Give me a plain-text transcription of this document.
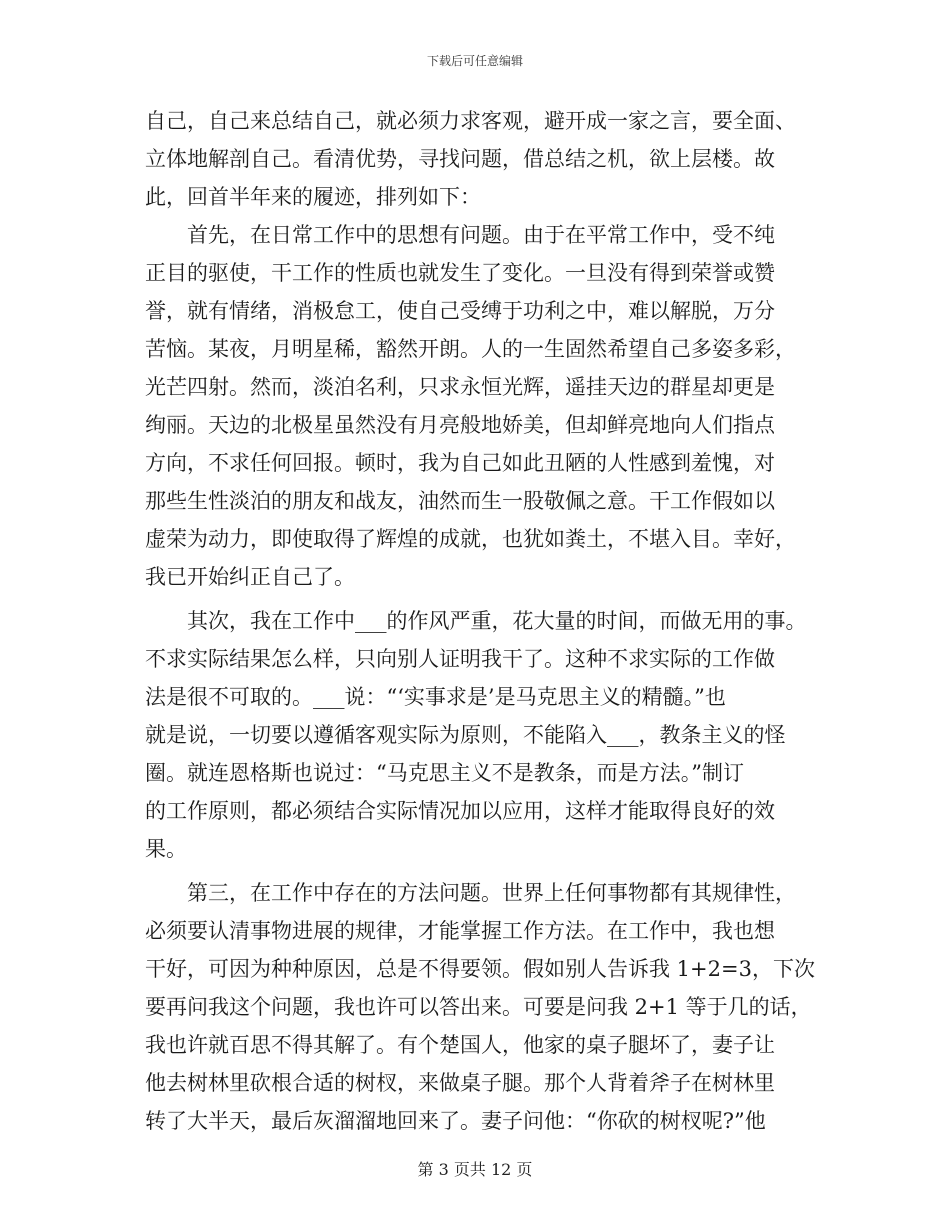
下载后可任意编辑
自己，自己来总结自己，就必须力求客观，避开成一家之言，要全面、
立体地解剖自己。看清优势，寻找问题，借总结之机，欲上层楼。故
此，回首半年来的履迹，排列如下：
首先，在日常工作中的思想有问题。由于在平常工作中，受不纯
正目的驱使，干工作的性质也就发生了变化。一旦没有得到荣誉或赞
誉，就有情绪，消极怠工，使自己受缚于功利之中，难以解脱，万分
苦恼。某夜，月明星稀，豁然开朗。人的一生固然希望自己多姿多彩，
光芒四射。然而，淡泊名利，只求永恒光辉，遥挂天边的群星却更是
绚丽。天边的北极星虽然没有月亮般地娇美，但却鲜亮地向人们指点
方向，不求任何回报。顿时，我为自己如此丑陋的人性感到羞愧，对
那些生性淡泊的朋友和战友，油然而生一股敬佩之意。干工作假如以
虚荣为动力，即使取得了辉煌的成就，也犹如粪土，不堪入目。幸好，
我已开始纠正自己了。
其次，我在工作中___的作风严重，花大量的时间，而做无用的事。
不求实际结果怎么样，只向别人证明我干了。这种不求实际的工作做
法是很不可取的。___说：“‘实事求是’是马克思主义的精髓。”也
就是说，一切要以遵循客观实际为原则，不能陷入___，教条主义的怪
圈。就连恩格斯也说过：“马克思主义不是教条，而是方法。”制订
的工作原则，都必须结合实际情况加以应用，这样才能取得良好的效
果。
第三，在工作中存在的方法问题。世界上任何事物都有其规律性，
必须要认清事物进展的规律，才能掌握工作方法。在工作中，我也想
干好，可因为种种原因，总是不得要领。假如别人告诉我 1+2=3，下次
要再问我这个问题，我也许可以答出来。可要是问我 2+1 等于几的话，
我也许就百思不得其解了。有个楚国人，他家的桌子腿坏了，妻子让
他去树林里砍根合适的树杈，来做桌子腿。那个人背着斧子在树林里
转了大半天，最后灰溜溜地回来了。妻子问他：“你砍的树杈呢?”他
第 3 页共 12 页
